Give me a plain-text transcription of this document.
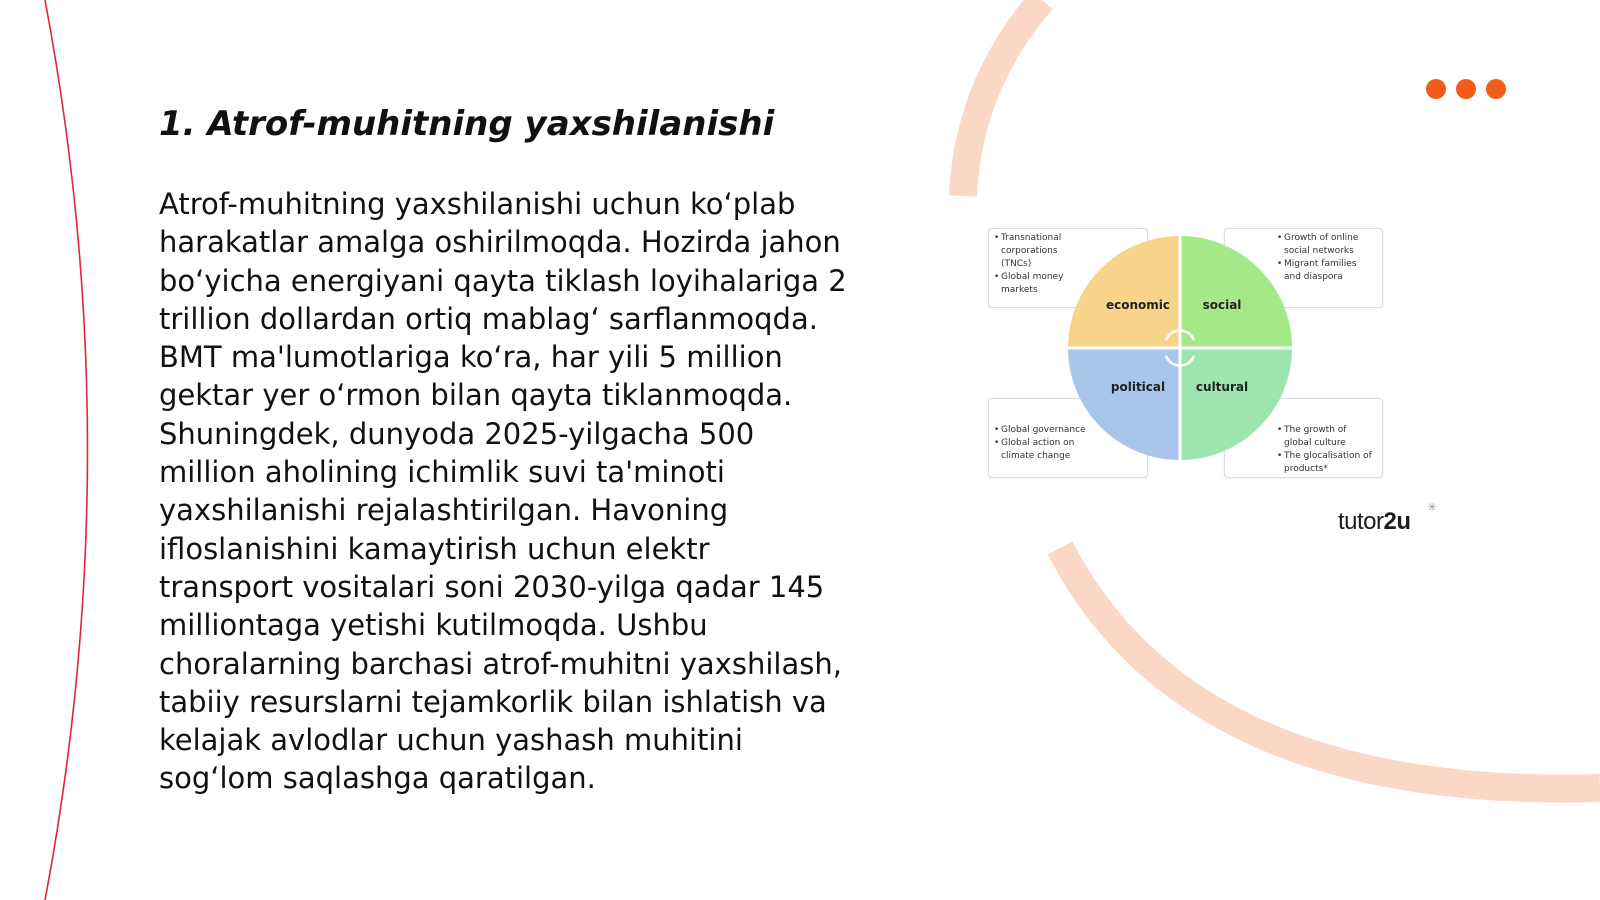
1. Atrof-muhitning yaxshilanishi

Atrof-muhitning yaxshilanishi uchun ko‘plab harakatlar amalga oshirilmoqda. Hozirda jahon bo‘yicha energiyani qayta tiklash loyihalariga 2 trillion dollardan ortiq mablag‘ sarflanmoqda. BMT ma'lumotlariga ko‘ra, har yili 5 million gektar yer o‘rmon bilan qayta tiklanmoqda. Shuningdek, dunyoda 2025-yilgacha 500 million aholining ichimlik suvi ta'minoti yaxshilanishi rejalashtirilgan. Havoning ifloslanishini kamaytirish uchun elektr transport vositalari soni 2030-yilga qadar 145 milliontaga yetishi kutilmoqda. Ushbu choralarning barchasi atrof-muhitni yaxshilash, tabiiy resurslarni tejamkorlik bilan ishlatish va kelajak avlodlar uchun yashash muhitini sog‘lom saqlashga qaratilgan.

• Transnational corporations (TNCs)
• Global money markets
• Growth of online social networks
• Migrant families and diaspora
• Global governance
• Global action on climate change
• The growth of global culture
• The glocalisation of products*
economic	social
political	cultural
tutor2u
✳
